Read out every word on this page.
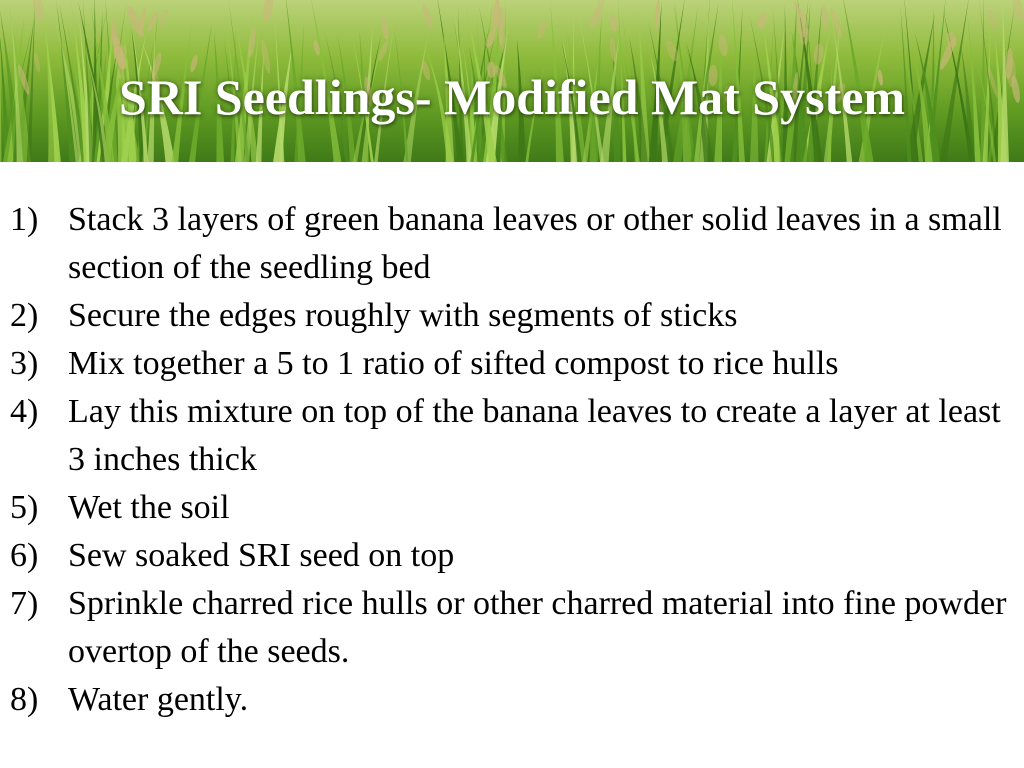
SRI Seedlings- Modified Mat System
1) Stack 3 layers of green banana leaves or other solid leaves in a small section of the seedling bed
2) Secure the edges roughly with segments of sticks
3) Mix together a 5 to 1 ratio of sifted compost to rice hulls
4) Lay this mixture on top of the banana leaves to create a layer at least 3 inches thick
5) Wet the soil
6) Sew soaked SRI seed on top
7) Sprinkle charred rice hulls or other charred material into fine powder overtop of the seeds.
8) Water gently.
